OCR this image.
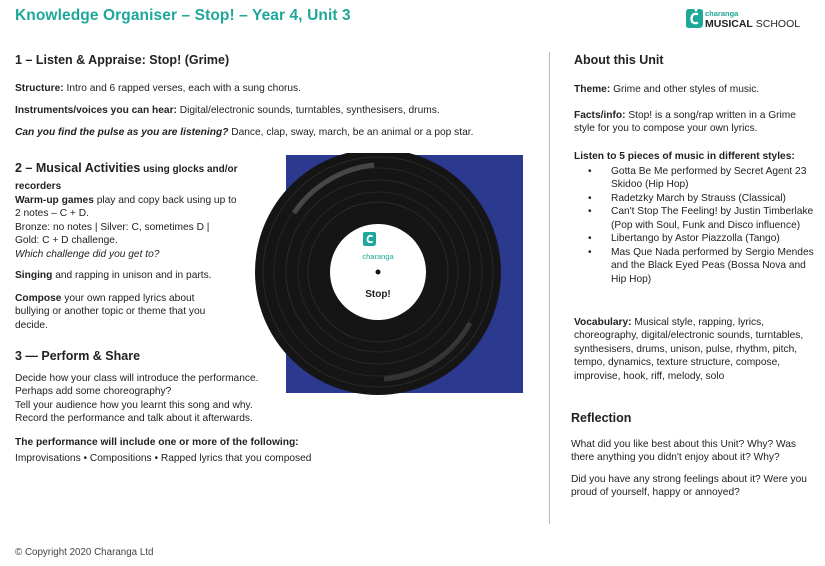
Knowledge Organiser – Stop! – Year 4, Unit 3	charanga
MUSICAL SCHOOL
1 – Listen & Appraise: Stop! (Grime)

Structure: Intro and 6 rapped verses, each with a sung chorus.

Instruments/voices you can hear: Digital/electronic sounds, turntables, synthesisers, drums.

Can you find the pulse as you are listening? Dance, clap, sway, march, be an animal or a pop star.

2 – Musical Activities using glocks and/or recorders

Warm-up games play and copy back using up to 2 notes – C + D.

Bronze: no notes | Silver: C, sometimes D |

Gold: C + D challenge.

Which challenge did you get to?

Singing and rapping in unison and in parts.

Compose your own rapped lyrics about bullying or another topic or theme that you decide.

3 — Perform & Share

Decide how your class will introduce the performance. Perhaps add some choreography?

Tell your audience how you learnt this song and why.

Record the performance and talk about it afterwards.

The performance will include one or more of the following:

Improvisations • Compositions • Rapped lyrics that you composed

charanga
Stop!
About this Unit

Theme: Grime and other styles of music.

Facts/info: Stop! is a song/rap written in a Grime style for you to compose your own lyrics.

Listen to 5 pieces of music in different styles:

• Gotta Be Me performed by Secret Agent 23 Skidoo (Hip Hop)
• Radetzky March by Strauss (Classical)
• Can't Stop The Feeling! by Justin Timberlake (Pop with Soul, Funk and Disco influence)
• Libertango by Astor Piazzolla (Tango)
• Mas Que Nada performed by Sergio Mendes and the Black Eyed Peas (Bossa Nova and Hip Hop)

Vocabulary: Musical style, rapping, lyrics, choreography, digital/electronic sounds, turntables, synthesisers, drums, unison, pulse, rhythm, pitch, tempo, dynamics, texture structure, compose, improvise, hook, riff, melody, solo

Reflection

What did you like best about this Unit? Why? Was there anything you didn't enjoy about it? Why?

Did you have any strong feelings about it? Were you proud of yourself, happy or annoyed?

© Copyright 2020 Charanga Ltd
